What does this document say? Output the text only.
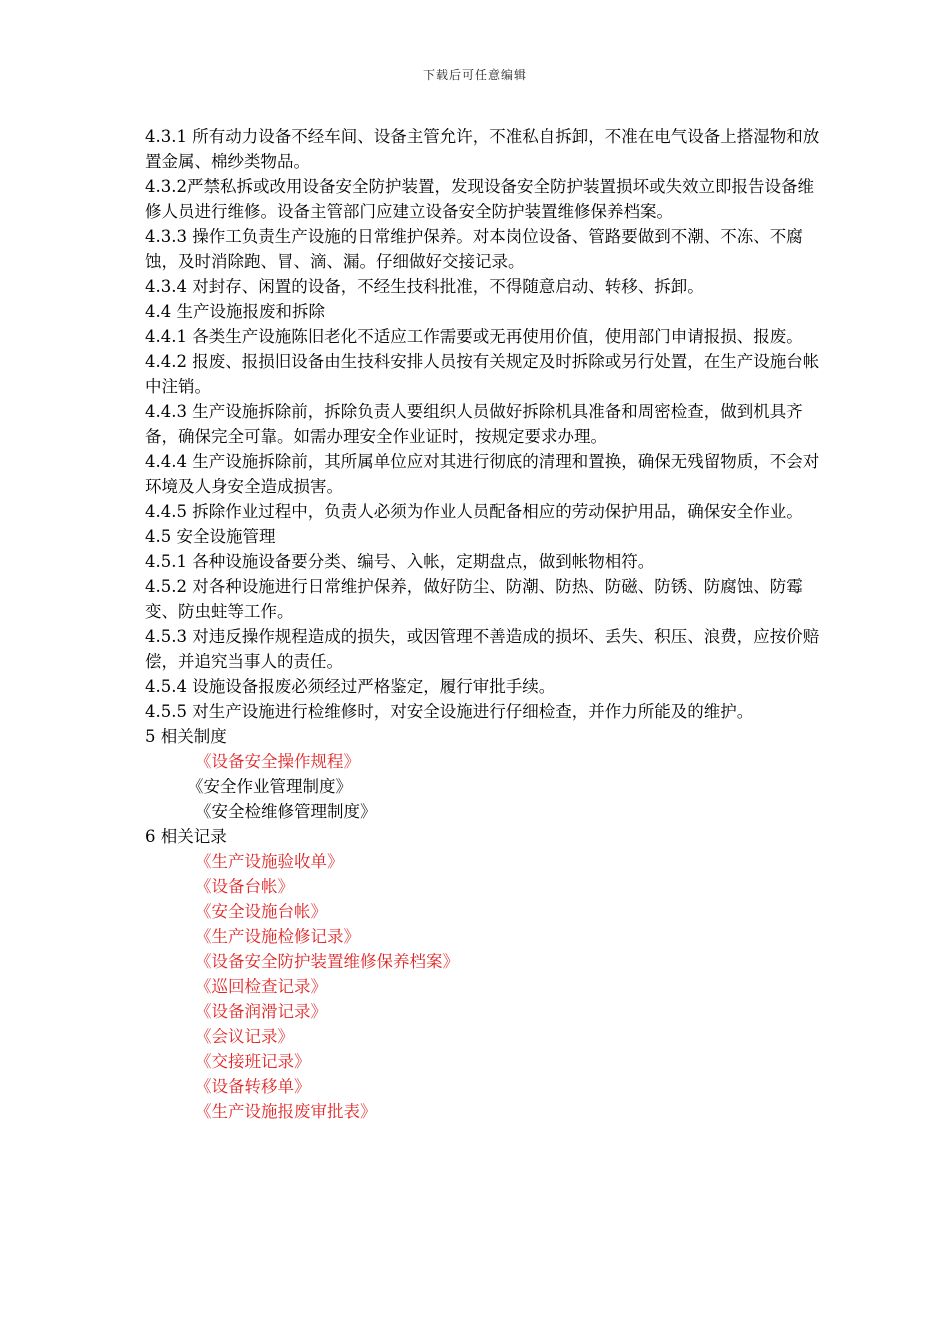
下载后可任意编辑

4.3.1 所有动力设备不经车间、设备主管允许，不准私自拆卸，不准在电气设备上搭湿物和放置金属、棉纱类物品。

4.3.2严禁私拆或改用设备安全防护装置，发现设备安全防护装置损坏或失效立即报告设备维修人员进行维修。设备主管部门应建立设备安全防护装置维修保养档案。

4.3.3 操作工负责生产设施的日常维护保养。对本岗位设备、管路要做到不潮、不冻、不腐蚀，及时消除跑、冒、滴、漏。仔细做好交接记录。

4.3.4 对封存、闲置的设备，不经生技科批准，不得随意启动、转移、拆卸。

4.4 生产设施报废和拆除

4.4.1 各类生产设施陈旧老化不适应工作需要或无再使用价值，使用部门申请报损、报废。

4.4.2 报废、报损旧设备由生技科安排人员按有关规定及时拆除或另行处置，在生产设施台帐中注销。

4.4.3 生产设施拆除前，拆除负责人要组织人员做好拆除机具准备和周密检查，做到机具齐备，确保完全可靠。如需办理安全作业证时，按规定要求办理。

4.4.4 生产设施拆除前，其所属单位应对其进行彻底的清理和置换，确保无残留物质，不会对环境及人身安全造成损害。

4.4.5 拆除作业过程中，负责人必须为作业人员配备相应的劳动保护用品，确保安全作业。

4.5 安全设施管理

4.5.1 各种设施设备要分类、编号、入帐，定期盘点，做到帐物相符。

4.5.2 对各种设施进行日常维护保养，做好防尘、防潮、防热、防磁、防锈、防腐蚀、防霉变、防虫蛀等工作。

4.5.3 对违反操作规程造成的损失，或因管理不善造成的损坏、丢失、积压、浪费，应按价赔偿，并追究当事人的责任。

4.5.4 设施设备报废必须经过严格鉴定，履行审批手续。

4.5.5 对生产设施进行检维修时，对安全设施进行仔细检查，并作力所能及的维护。

5 相关制度

《设备安全操作规程》

《安全作业管理制度》

《安全检维修管理制度》

6 相关记录

《生产设施验收单》

《设备台帐》

《安全设施台帐》

《生产设施检修记录》

《设备安全防护装置维修保养档案》

《巡回检查记录》

《设备润滑记录》

《会议记录》

《交接班记录》

《设备转移单》

《生产设施报废审批表》
